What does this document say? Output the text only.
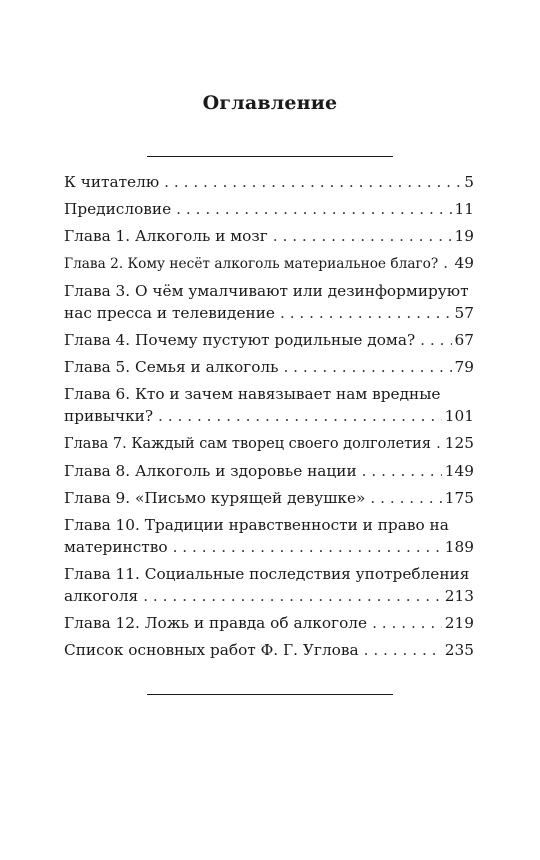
Оглавление
К читателю . . .	5
Предисловие . . .	11
Глава 1. Алкоголь и мозг . . .	19
Глава 2. Кому несёт алкоголь материальное благо? . . . 49
Глава 3. О чём умалчивают или дезинформируют
нас пресса и телевидение . . .	57
Глава 4. Почему пустуют родильные дома? . . .	67
Глава 5. Семья и алкоголь . . .	79
Глава 6. Кто и зачем навязывает нам вредные
привычки? . . .	101
Глава 7. Каждый сам творец своего долголетия . . . 125
Глава 8. Алкоголь и здоровье нации . . .	149
Глава 9. «Письмо курящей девушке» . . .	175
Глава 10. Традиции нравственности и право на
материнство . . .	189
Глава 11. Социальные последствия употребления
алкоголя . . .	213
Глава 12. Ложь и правда об алкоголе . . .	219
Список основных работ Ф. Г. Углова . . .	235
